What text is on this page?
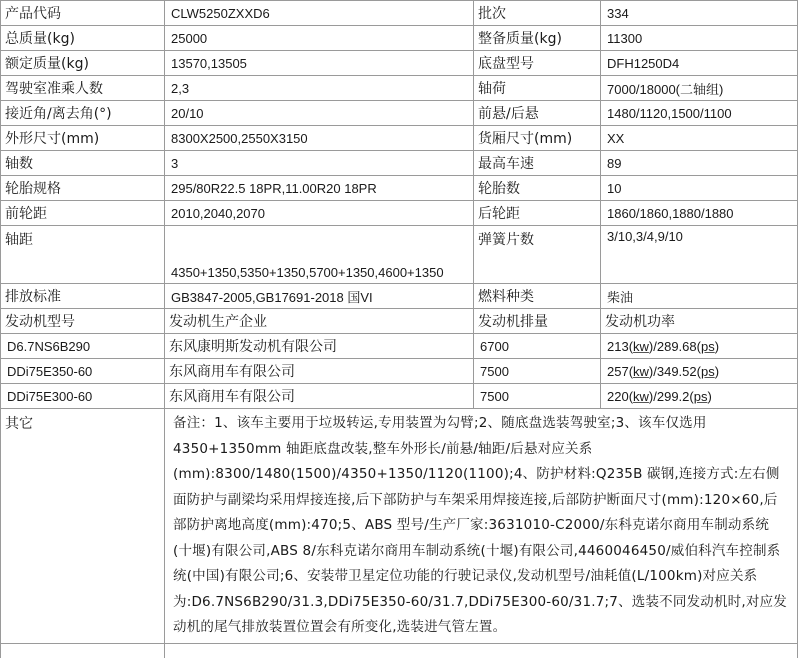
产品代码	CLW5250ZXXD6	批次	334
总质量(kg)	25000	整备质量(kg)	11300
额定质量(kg)	13570,13505	底盘型号	DFH1250D4
驾驶室准乘人数	2,3	轴荷	7000/18000(二轴组)
接近角/离去角(°)	20/10	前悬/后悬	1480/1120,1500/1100
外形尺寸(mm)	8300X2500,2550X3150	货厢尺寸(mm)	XX
轴数	3	最高车速	89
轮胎规格	295/80R22.5 18PR,11.00R20 18PR	轮胎数	10
前轮距	2010,2040,2070	后轮距	1860/1860,1880/1880
轴距	4350+1350,5350+1350,5700+1350,4600+1350	弹簧片数	3/10,3/4,9/10
排放标准	GB3847-2005,GB17691-2018 国VI	燃料种类	柴油
发动机型号	发动机生产企业	发动机排量	发动机功率
D6.7NS6B290	东风康明斯发动机有限公司	6700	213(kw)/289.68(ps)
DDi75E350-60	东风商用车有限公司	7500	257(kw)/349.52(ps)
DDi75E300-60	东风商用车有限公司	7500	220(kw)/299.2(ps)
其它	备注：1、该车主要用于垃圾转运,专用装置为勾臂;2、随底盘选装驾驶室;3、该车仅选用4350+1350mm 轴距底盘改装,整车外形长/前悬/轴距/后悬对应关系(mm):8300/1480(1500)/4350+1350/1120(1100);4、防护材料:Q235B 碳钢,连接方式:左右侧面防护与副梁均采用焊接连接,后下部防护与车架采用焊接连接,后部防护断面尺寸(mm):120×60,后部防护离地高度(mm):470;5、ABS 型号/生产厂家:3631010-C2000/东科克诺尔商用车制动系统(十堰)有限公司,ABS 8/东科克诺尔商用车制动系统(十堰)有限公司,4460046450/威伯科汽车控制系统(中国)有限公司;6、安装带卫星定位功能的行驶记录仪,发动机型号/油耗值(L/100km)对应关系为:D6.7NS6B290/31.3,DDi75E350-60/31.7,DDi75E300-60/31.7;7、选装不同发动机时,对应发动机的尾气排放装置位置会有所变化,选装进气管左置。		
